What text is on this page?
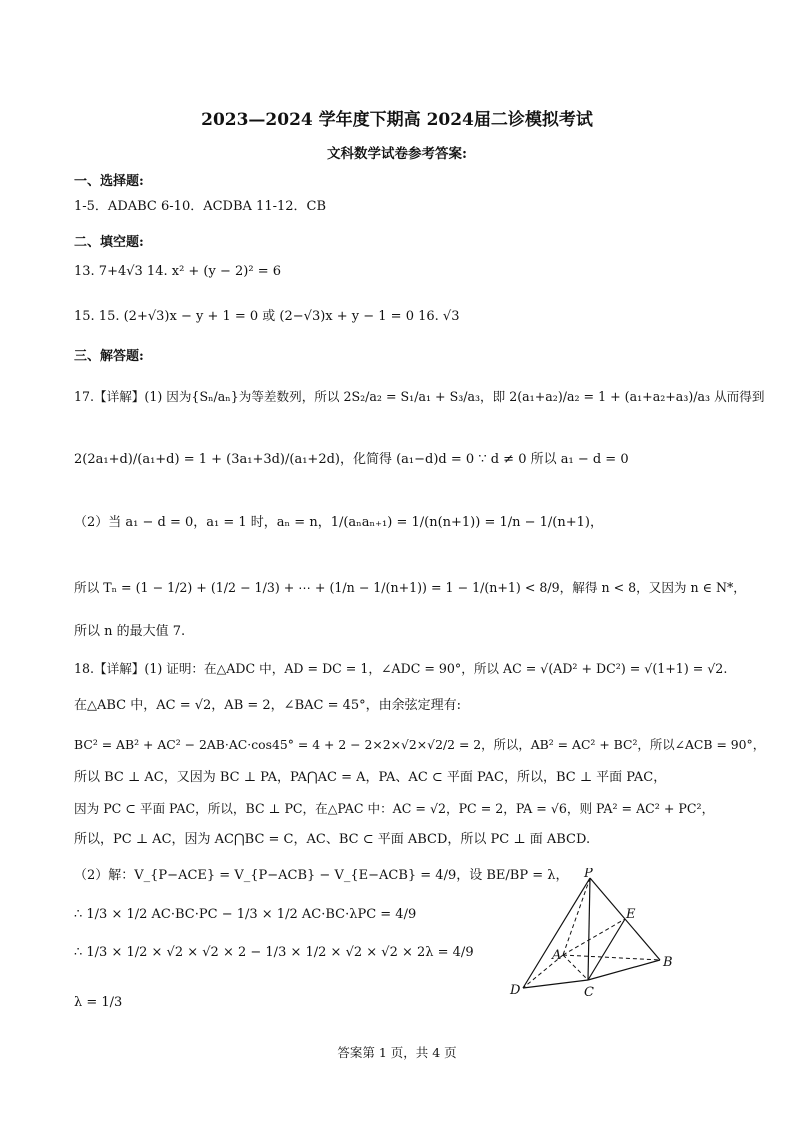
2023—2024 学年度下期高 2024届二诊模拟考试
文科数学试卷参考答案:
一、选择题:
1-5．ADABC 6-10．ACDBA 11-12．CB
二、填空题:
13. 7+4√3 14. x² + (y − 2)² = 6
15. 15. (2+√3)x − y + 1 = 0 或 (2−√3)x + y − 1 = 0 16. √3
三、解答题:
17.【详解】(1) 因为{Sₙ/aₙ}为等差数列，所以 2S₂/a₂ = S₁/a₁ + S₃/a₃，即 2(a₁+a₂)/a₂ = 1 + (a₁+a₂+a₃)/a₃ 从而得到
2(2a₁+d)/(a₁+d) = 1 + (3a₁+3d)/(a₁+2d)，化简得 (a₁−d)d = 0 ∵ d ≠ 0 所以 a₁ − d = 0
（2）当 a₁ − d = 0，a₁ = 1 时，aₙ = n，1/(aₙaₙ₊₁) = 1/(n(n+1)) = 1/n − 1/(n+1)，
所以 Tₙ = (1 − 1/2) + (1/2 − 1/3) + ⋯ + (1/n − 1/(n+1)) = 1 − 1/(n+1) < 8/9，解得 n < 8，又因为 n ∈ N*，
所以 n 的最大值 7.
18.【详解】(1) 证明：在△ADC 中，AD = DC = 1，∠ADC = 90°，所以 AC = √(AD² + DC²) = √(1+1) = √2.
在△ABC 中，AC = √2，AB = 2，∠BAC = 45°，由余弦定理有:
BC² = AB² + AC² − 2AB·AC·cos45° = 4 + 2 − 2×2×√2×√2/2 = 2，所以，AB² = AC² + BC²，所以∠ACB = 90°，
所以 BC ⊥ AC，又因为 BC ⊥ PA，PA⋂AC = A，PA、AC ⊂ 平面 PAC，所以，BC ⊥ 平面 PAC，
因为 PC ⊂ 平面 PAC，所以，BC ⊥ PC，在△PAC 中：AC = √2，PC = 2，PA = √6，则 PA² = AC² + PC²，
所以，PC ⊥ AC，因为 AC⋂BC = C，AC、BC ⊂ 平面 ABCD，所以 PC ⊥ 面 ABCD.
（2）解：V_{P−ACE} = V_{P−ACB} − V_{E−ACB} = 4/9，设 BE/BP = λ，
∴ 1/3 × 1/2 AC·BC·PC − 1/3 × 1/2 AC·BC·λPC = 4/9
∴ 1/3 × 1/2 × √2 × √2 × 2 − 1/3 × 1/2 × √2 × √2 × 2λ = 4/9
λ = 1/3
P
E
A	B
D	C
答案第 1 页，共 4 页
